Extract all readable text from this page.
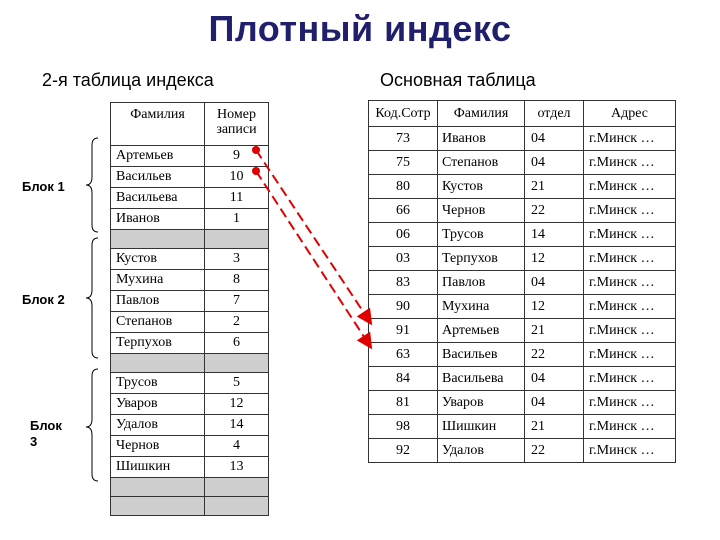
Плотный индекс
2-я таблица индекса	Основная таблица
Блок 1
Блок 2
Блок 3
Фамилия	Номер записи
Артемьев	9
Васильев	10
Васильева	11
Иванов	1

Кустов	3
Мухина	8
Павлов	7
Степанов	2
Терпухов	6

Трусов	5
Уваров	12
Удалов	14
Чернов	4
Шишкин	13

Код.Сотр	Фамилия	отдел	Адрес
73	Иванов	04	г.Минск …
75	Степанов	04	г.Минск …
80	Кустов	21	г.Минск …
66	Чернов	22	г.Минск …
06	Трусов	14	г.Минск …
03	Терпухов	12	г.Минск …
83	Павлов	04	г.Минск …
90	Мухина	12	г.Минск …
91	Артемьев	21	г.Минск …
63	Васильев	22	г.Минск …
84	Васильева	04	г.Минск …
81	Уваров	04	г.Минск …
98	Шишкин	21	г.Минск …
92	Удалов	22	г.Минск …
